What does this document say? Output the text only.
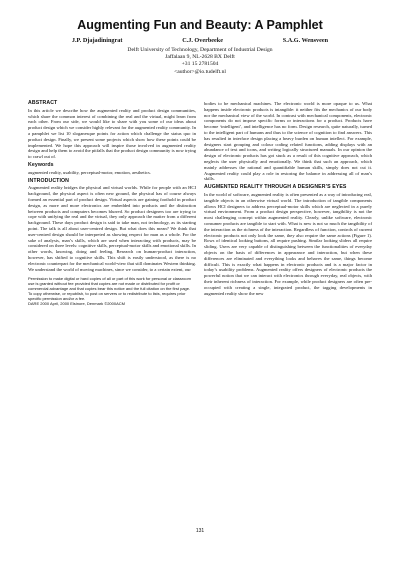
Augmenting Fun and Beauty: A Pamphlet
J.P. Djajadiningrat	C.J. Overbeeke	S.A.G. Wensveen
Delft University of Technology, Department of Industrial Design
Jaffalaan 9, NL-2628 BX Delft
+31 15 2781504
<author>@io.tudelft.nl
ABSTRACT

In this article we describe how the augmented reality and product design communities, which share the common interest of combining the real and the virtual, might learn from each other. From our side, we would like to share with you some of our ideas about product design which we consider highly relevant for the augmented reality community. In a pamphlet we list 10 sloganesque points for action which challenge the status quo in product design. Finally, we present some projects which show how these points could be implemented. We hope this approach will inspire those involved in augmented reality design and help them to avoid the pitfalls that the product design community is now trying to crawl out of.

Keywords

augmented reality, usability, perceptual-motor, emotion, aesthetics.

INTRODUCTION

Augmented reality bridges the physical and virtual worlds. While for people with an HCI background, the physical aspect is often new ground, the physical has of course always formed an essential part of product design. Virtual aspects are gaining foothold in product design, as more and more electronics are embedded into products and the distinction between products and computers becomes blurred. So product designers too are trying to cope with unifying the real and the virtual, they only approach the matter from a different background. These days product design is said to take man, not technology, as its starting point. The talk is all about user-centred design. But what does this mean? We think that user-centred design should be interpreted as showing respect for man as a whole. For the sake of analysis, man’s skills, which are used when interacting with products, may be considered on three levels: cognitive skills, perceptual-motor skills and emotional skills. In other words, knowing, doing and feeling. Research on human-product interaction, however, has shifted to cognitive skills. This shift is easily understood, as there is no electronic counterpart for the mechanical world-view that still dominates Western thinking. We understand the world of moving machines, since we consider, to a certain extent, our

Permission to make digital or hard copies of all or part of this work for personal or classroom use is granted without fee provided that copies are not made or distributed for profit or commercial advantage and that copies bear this notice and the full citation on the first page.
To copy otherwise, or republish, to post on servers or to redistribute to lists, requires prior specific permission and/or a fee.
DARE 2000 April, 2000 Elsinore, Denmark ©2000ACM

bodies to be mechanical machines. The electronic world is more opaque to us. What happens inside electronic products is intangible: it neither fits the mechanics of our body nor the mechanical view of the world. In contrast with mechanical components, electronic components do not impose specific forms or interactions for a product. Products have become ‘intelligent’, and intelligence has no form. Design research, quite naturally, turned to the intelligent part of humans and thus to the science of cognition to find answers. This has resulted in interface design placing a heavy burden on human intellect. For example, designers start grouping and colour coding related functions, adding displays with an abundance of text and icons, and writing logically structured manuals. In our opinion the design of electronic products has got stuck as a result of this cognitive approach, which neglects the user physically and emotionally. We think that such an approach, which mainly addresses the rational and quantifiable human skills, simply does not cut it. Augmented reality could play a role in restoring the balance in addressing all of man’s skills.

AUGMENTED REALITY THROUGH A DESIGNER’S EYES

In the world of software, augmented reality is often presented as a way of introducing real, tangible objects in an otherwise virtual world. The introduction of tangible components allows HCI designers to address perceptual-motor skills which are neglected in a purely virtual environment. From a product design perspective, however, tangibility is not the most challenging concept within augmented reality. Clearly, unlike software, electronic consumer products are tangible to start with. What is new is not so much the tangibility of the interaction as the richness of the interaction. Regardless of function, controls of current electronic products not only look the same, they also require the same actions (Figure 1). Rows of identical looking buttons, all require pushing. Similar looking sliders all require sliding. Users are very capable of distinguishing between the functionalities of everyday objects on the basis of differences in appearance and interaction, but when these differences are eliminated and everything looks and behaves the same, things become difficult. This is exactly what happens in electronic products and is a major factor in today’s usability problems. Augmented reality offers designers of electronic products the powerful notion that we can interact with electronics through everyday, real objects, with their inherent richness of interaction. For example, while product designers are often pre-occupied with creating a single, integrated product, the tagging developments in augmented reality show the new

131
